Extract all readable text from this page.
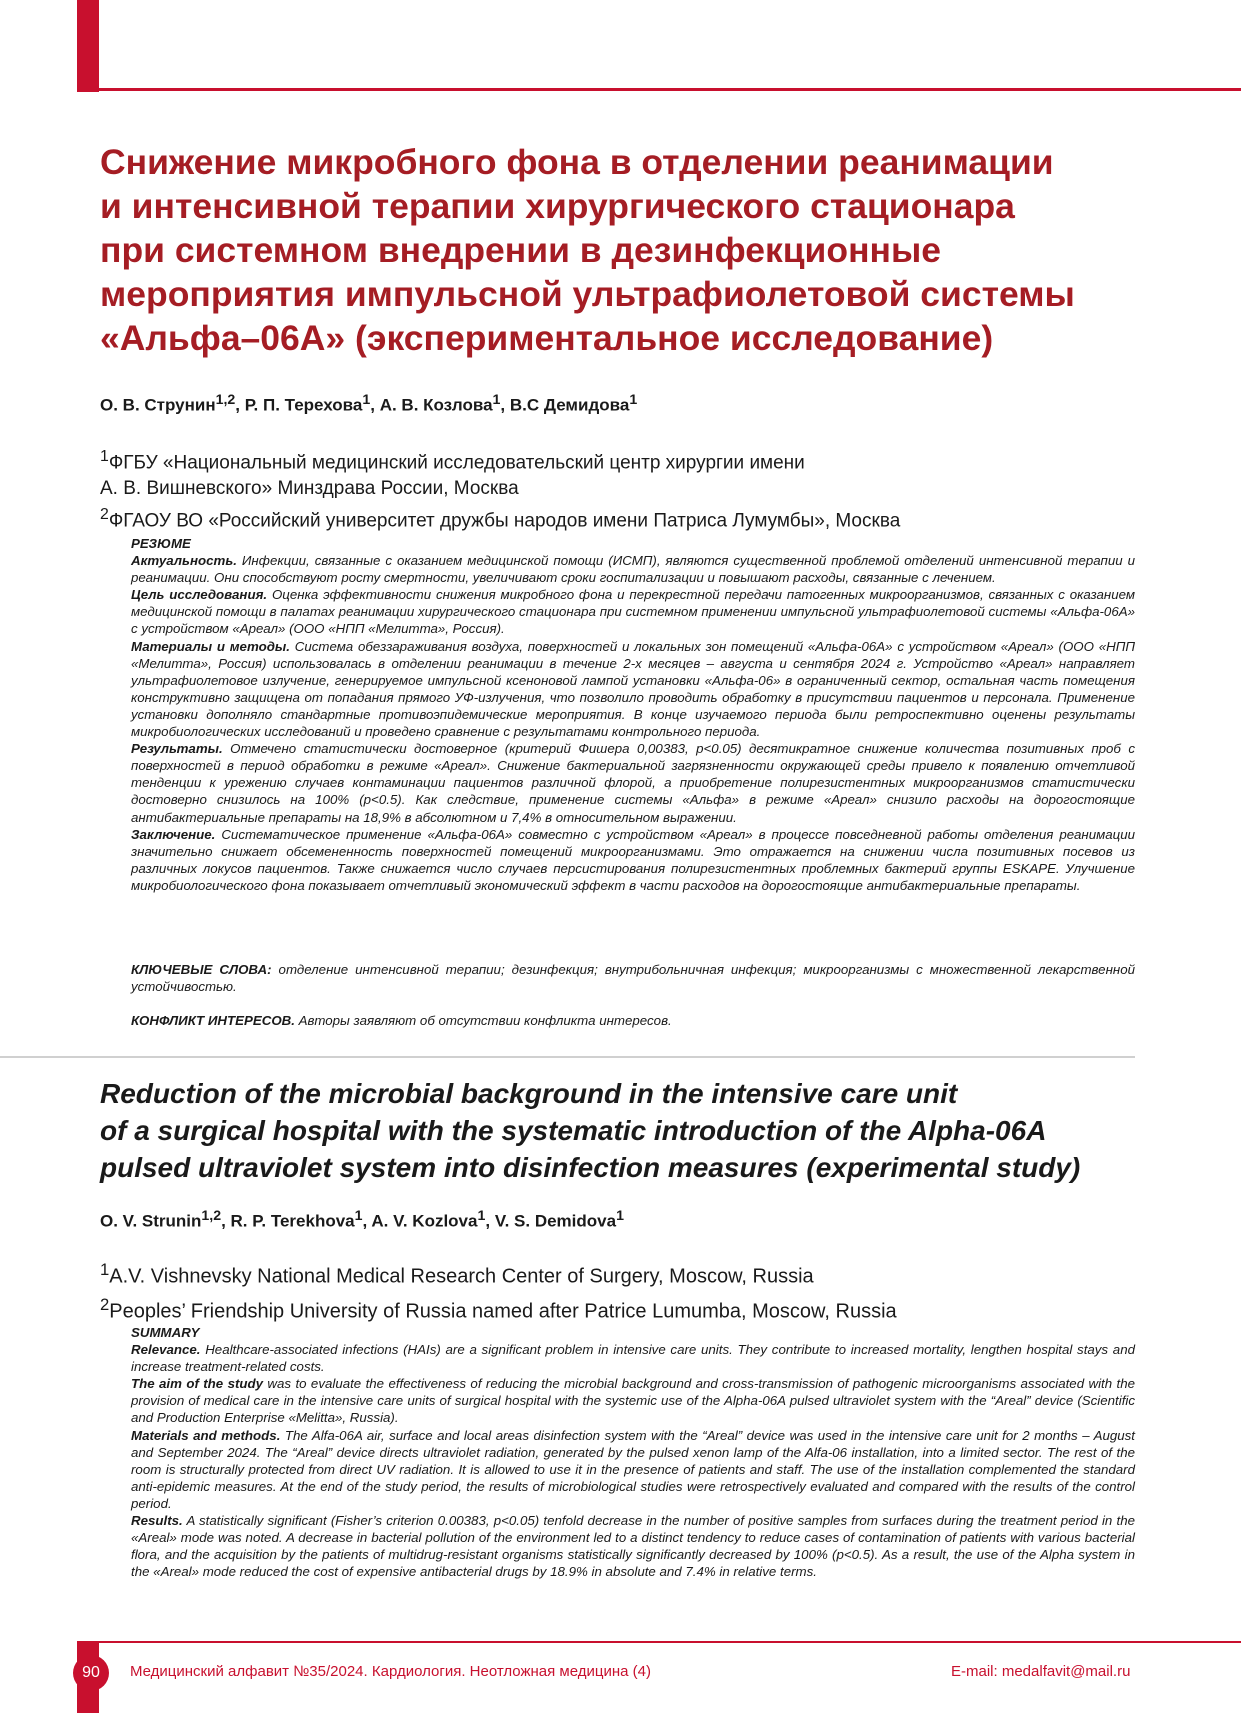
Снижение микробного фона в отделении реанимации
и интенсивной терапии хирургического стационара
при системном внедрении в дезинфекционные
мероприятия импульсной ультрафиолетовой системы
«Альфа–06А» (экспериментальное исследование)
О. В. Струнин$^{1,2}$, Р. П. Терехова$^1$, А. В. Козлова$^1$, В.С Демидова$^1$
$^1$ФГБУ «Национальный медицинский исследовательский центр хирургии имени
А. В. Вишневского» Минздрава России, Москва
$^2$ФГАОУ ВО «Российский университет дружбы народов имени Патриса Лумумбы», Москва

РЕЗЮМЕ

Актуальность. Инфекции, связанные с оказанием медицинской помощи (ИСМП), являются существенной проблемой отделений интенсивной терапии и реанимации. Они способствуют росту смертности, увеличивают сроки госпитализации и повышают расходы, связанные с лечением.

Цель исследования. Оценка эффективности снижения микробного фона и перекрестной передачи патогенных микроорганизмов, связанных с оказанием медицинской помощи в палатах реанимации хирургического стационара при системном применении импульсной ультрафиолетовой системы «Альфа-06А» с устройством «Ареал» (ООО «НПП «Мелитта», Россия).

Материалы и методы. Система обеззараживания воздуха, поверхностей и локальных зон помещений «Альфа-06А» с устройством «Ареал» (ООО «НПП «Мелитта», Россия) использовалась в отделении реанимации в течение 2-х месяцев – августа и сентября 2024 г. Устройство «Ареал» направляет ультрафиолетовое излучение, генерируемое импульсной ксеноновой лампой установки «Альфа-06» в ограниченный сектор, остальная часть помещения конструктивно защищена от попадания прямого УФ-излучения, что позволило проводить обработку в присутствии пациентов и персонала. Применение установки дополняло стандартные противоэпидемические мероприятия. В конце изучаемого периода были ретроспективно оценены результаты микробиологических исследований и проведено сравнение с результатами контрольного периода.

Результаты. Отмечено статистически достоверное (критерий Фишера 0,00383, p<0.05) десятикратное снижение количества позитивных проб с поверхностей в период обработки в режиме «Ареал». Снижение бактериальной загрязненности окружающей среды привело к появлению отчетливой тенденции к урежению случаев контаминации пациентов различной флорой, а приобретение полирезистентных микроорганизмов статистически достоверно снизилось на 100% (p<0.5). Как следствие, применение системы «Альфа» в режиме «Ареал» снизило расходы на дорогостоящие антибактериальные препараты на 18,9% в абсолютном и 7,4% в относительном выражении.

Заключение. Систематическое применение «Альфа-06А» совместно с устройством «Ареал» в процессе повседневной работы отделения реанимации значительно снижает обсемененность поверхностей помещений микроорганизмами. Это отражается на снижении числа позитивных посевов из различных локусов пациентов. Также снижается число случаев персистирования полирезистентных проблемных бактерий группы ESKAPE. Улучшение микробиологического фона показывает отчетливый экономический эффект в части расходов на дорогостоящие антибактериальные препараты.

КЛЮЧЕВЫЕ СЛОВА: отделение интенсивной терапии; дезинфекция; внутрибольничная инфекция; микроорганизмы с множественной лекарственной устойчивостью.
КОНФЛИКТ ИНТЕРЕСОВ. Авторы заявляют об отсутствии конфликта интересов.
Reduction of the microbial background in the intensive care unit
of a surgical hospital with the systematic introduction of the Alpha-06A
pulsed ultraviolet system into disinfection measures (experimental study)
O. V. Strunin$^{1,2}$, R. P. Terekhova$^1$, A. V. Kozlova$^1$, V. S. Demidova$^1$
$^1$A.V. Vishnevsky National Medical Research Center of Surgery, Moscow, Russia
$^2$Peoples’ Friendship University of Russia named after Patrice Lumumba, Moscow, Russia

SUMMARY

Relevance. Healthcare-associated infections (HAIs) are a significant problem in intensive care units. They contribute to increased mortality, lengthen hospital stays and increase treatment-related costs.

The aim of the study was to evaluate the effectiveness of reducing the microbial background and cross-transmission of pathogenic microorganisms associated with the provision of medical care in the intensive care units of surgical hospital with the systemic use of the Alpha-06A pulsed ultraviolet system with the “Areal” device (Scientific and Production Enterprise «Melitta», Russia).

Materials and methods. The Alfa-06A air, surface and local areas disinfection system with the “Areal” device was used in the intensive care unit for 2 months – August and September 2024. The “Areal” device directs ultraviolet radiation, generated by the pulsed xenon lamp of the Alfa-06 installation, into a limited sector. The rest of the room is structurally protected from direct UV radiation. It is allowed to use it in the presence of patients and staff. The use of the installation complemented the standard anti-epidemic measures. At the end of the study period, the results of microbiological studies were retrospectively evaluated and compared with the results of the control period.

Results. A statistically significant (Fisher’s criterion 0.00383, p<0.05) tenfold decrease in the number of positive samples from surfaces during the treatment period in the «Areal» mode was noted. A decrease in bacterial pollution of the environment led to a distinct tendency to reduce cases of contamination of patients with various bacterial flora, and the acquisition by the patients of multidrug-resistant organisms statistically significantly decreased by 100% (p<0.5). As a result, the use of the Alpha system in the «Areal» mode reduced the cost of expensive antibacterial drugs by 18.9% in absolute and 7.4% in relative terms.

90	Медицинский алфавит №35/2024. Кардиология. Неотложная медицина (4)	E-mail: medalfavit@mail.ru
